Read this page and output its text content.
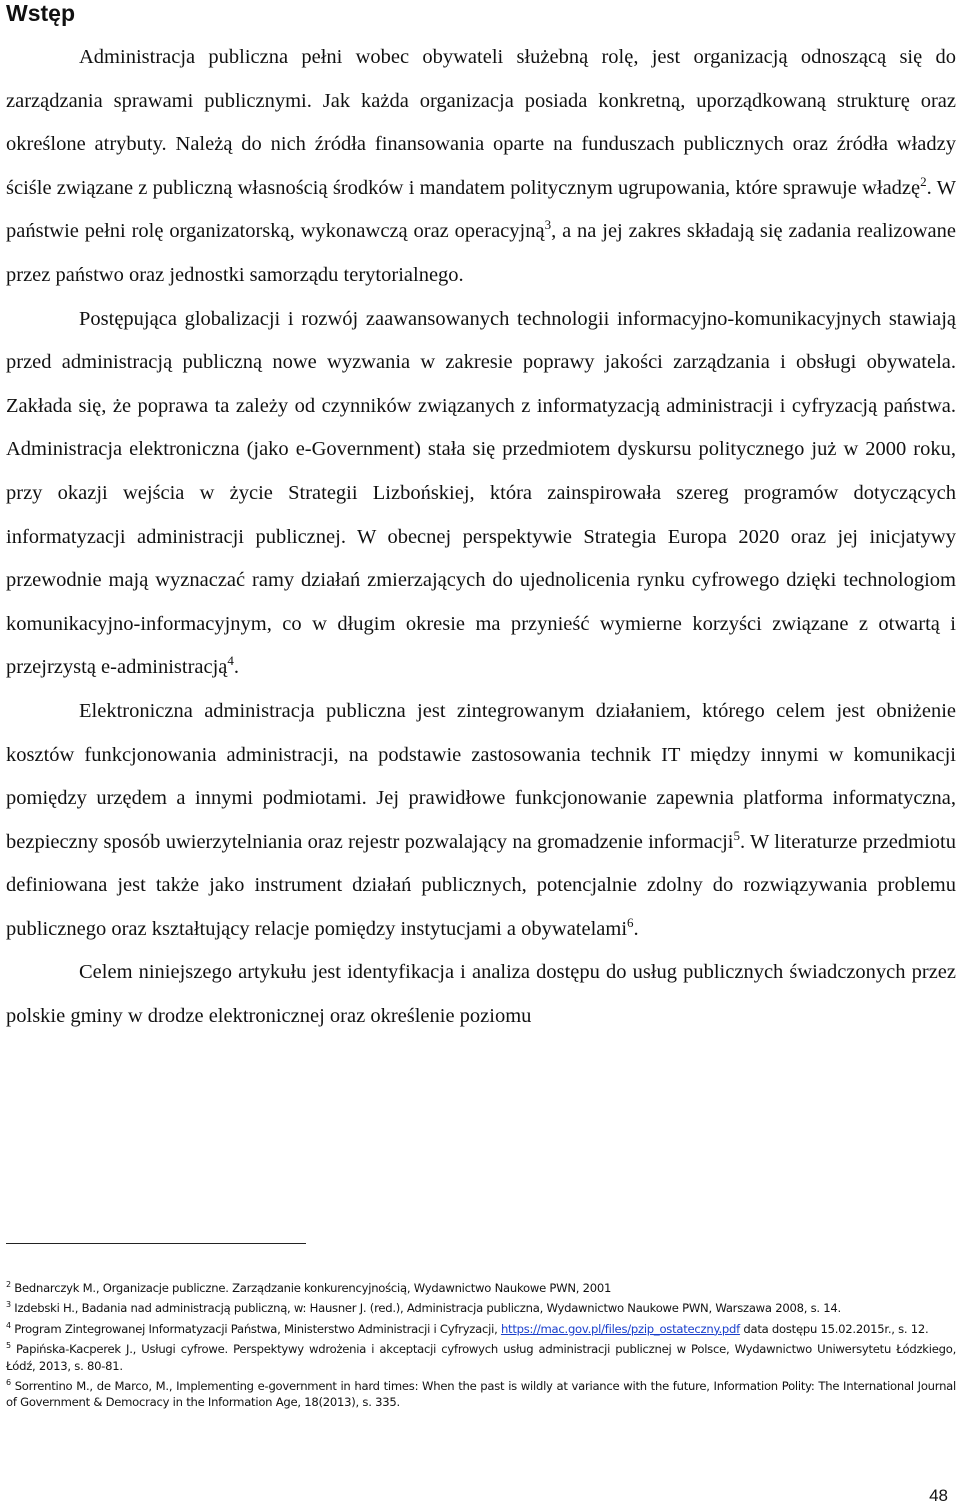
Wstęp

Administracja publiczna pełni wobec obywateli służebną rolę, jest organizacją odnoszącą się do zarządzania sprawami publicznymi. Jak każda organizacja posiada konkretną, uporządkowaną strukturę oraz określone atrybuty. Należą do nich źródła finansowania oparte na funduszach publicznych oraz źródła władzy ściśle związane z publiczną własnością środków i mandatem politycznym ugrupowania, które sprawuje władzę$^2$. W państwie pełni rolę organizatorską, wykonawczą oraz operacyjną$^3$, a na jej zakres składają się zadania realizowane przez państwo oraz jednostki samorządu terytorialnego.

Postępująca globalizacji i rozwój zaawansowanych technologii informacyjno-komunikacyjnych stawiają przed administracją publiczną nowe wyzwania w zakresie poprawy jakości zarządzania i obsługi obywatela. Zakłada się, że poprawa ta zależy od czynników związanych z informatyzacją administracji i cyfryzacją państwa. Administracja elektroniczna (jako e-Government) stała się przedmiotem dyskursu politycznego już w 2000 roku, przy okazji wejścia w życie Strategii Lizbońskiej, która zainspirowała szereg programów dotyczących informatyzacji administracji publicznej. W obecnej perspektywie Strategia Europa 2020 oraz jej inicjatywy przewodnie mają wyznaczać ramy działań zmierzających do ujednolicenia rynku cyfrowego dzięki technologiom komunikacyjno-informacyjnym, co w długim okresie ma przynieść wymierne korzyści związane z otwartą i przejrzystą e-administracją$^4$.

Elektroniczna administracja publiczna jest zintegrowanym działaniem, którego celem jest obniżenie kosztów funkcjonowania administracji, na podstawie zastosowania technik IT między innymi w komunikacji pomiędzy urzędem a innymi podmiotami. Jej prawidłowe funkcjonowanie zapewnia platforma informatyczna, bezpieczny sposób uwierzytelniania oraz rejestr pozwalający na gromadzenie informacji$^5$. W literaturze przedmiotu definiowana jest także jako instrument działań publicznych, potencjalnie zdolny do rozwiązywania problemu publicznego oraz kształtujący relacje pomiędzy instytucjami a obywatelami$^6$.

Celem niniejszego artykułu jest identyfikacja i analiza dostępu do usług publicznych świadczonych przez polskie gminy w drodze elektronicznej oraz określenie poziomu

$^2$ Bednarczyk M., Organizacje publiczne. Zarządzanie konkurencyjnością, Wydawnictwo Naukowe PWN, 2001

$^3$ Izdebski H., Badania nad administracją publiczną, w: Hausner J. (red.), Administracja publiczna, Wydawnictwo Naukowe PWN, Warszawa 2008, s. 14.

$^4$ Program Zintegrowanej Informatyzacji Państwa, Ministerstwo Administracji i Cyfryzacji, https://mac.gov.pl/files/pzip_ostateczny.pdf data dostępu 15.02.2015r., s. 12.

$^5$ Papińska-Kacperek J., Usługi cyfrowe. Perspektywy wdrożenia i akceptacji cyfrowych usług administracji publicznej w Polsce, Wydawnictwo Uniwersytetu Łódzkiego, Łódź, 2013, s. 80-81.

$^6$ Sorrentino M., de Marco, M., Implementing e-government in hard times: When the past is wildly at variance with the future, Information Polity: The International Journal of Government & Democracy in the Information Age, 18(2013), s. 335.

48
